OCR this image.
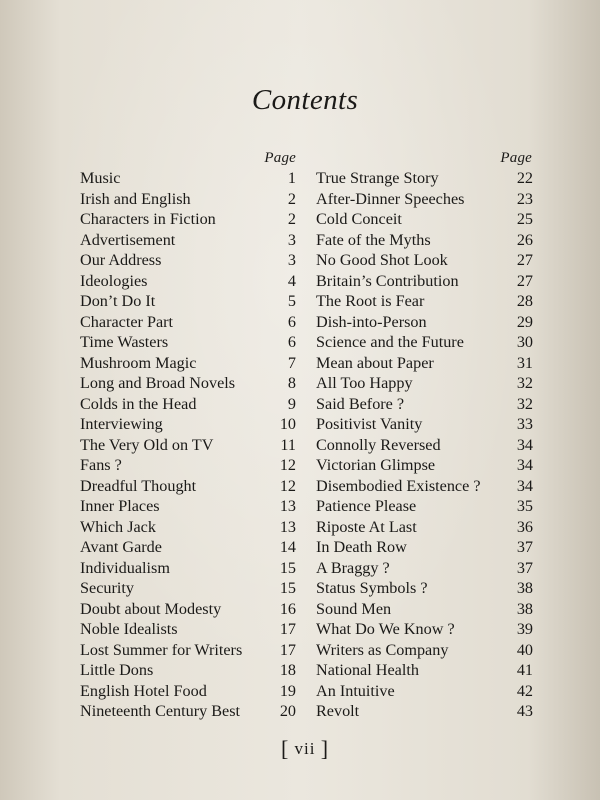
Contents
Page	Page
Music	1
Irish and English	2
Characters in Fiction	2
Advertisement	3
Our Address	3
Ideologies	4
Don’t Do It	5
Character Part	6
Time Wasters	6
Mushroom Magic	7
Long and Broad Novels	8
Colds in the Head	9
Interviewing	10
The Very Old on TV	11
Fans ?	12
Dreadful Thought	12
Inner Places	13
Which Jack	13
Avant Garde	14
Individualism	15
Security	15
Doubt about Modesty	16
Noble Idealists	17
Lost Summer for Writers 17
Little Dons	18
English Hotel Food	19
Nineteenth Century Best 20
True Strange Story	22
After-Dinner Speeches	23
Cold Conceit	25
Fate of the Myths	26
No Good Shot Look	27
Britain’s Contribution	27
The Root is Fear	28
Dish-into-Person	29
Science and the Future	30
Mean about Paper	31
All Too Happy	32
Said Before ?	32
Positivist Vanity	33
Connolly Reversed	34
Victorian Glimpse	34
Disembodied Existence ? 34
Patience Please	35
Riposte At Last	36
In Death Row	37
A Braggy ?	37
Status Symbols ?	38
Sound Men	38
What Do We Know ?	39
Writers as Company	40
National Health	41
An Intuitive	42
Revolt	43
[ vii ]
